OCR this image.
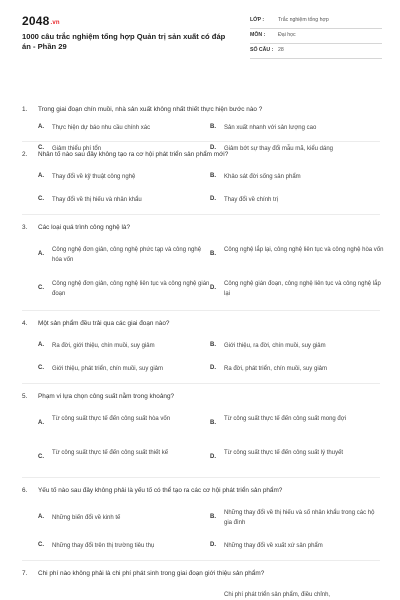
2048.vn
1000 câu trắc nghiệm tổng hợp Quản trị sản xuất có đáp án - Phần 29
LỚP :	Trắc nghiệm tổng hợp
MÔN : Đại học
SỐ CÂU : 28
1. Trong giai đoạn chín muồi, nhà sản xuất không nhất thiết thực hiện bước nào ?
A. Thực hiện dự báo nhu cầu chính xác	B. Sản xuất nhanh với sản lượng cao
C. Giảm thiểu phí tổn	D. Giảm bớt sự thay đổi mẫu mã, kiểu dáng
2. Nhân tố nào sau đây không tạo ra cơ hội phát triển sản phẩm mới?
A. Thay đổi về kỹ thuật công nghệ	B. Khảo sát đời sống sản phẩm
C. Thay đổi về thị hiếu và nhân khẩu	D. Thay đổi về chính trị
3. Các loại quá trình công nghệ là?
A.
Công nghệ đơn giản, công nghệ phức tạp và công nghệ hóa vốn
B.
Công nghệ lắp lại, công nghệ liên tục và công nghệ hòa vốn
C.
Công nghệ đơn giản, công nghệ liên tục và công nghệ gián đoạn
D.
Công nghệ gián đoạn, công nghệ liên tục và công nghệ lắp lại
4. Một sản phẩm đều trải qua các giai đoạn nào?
A. Ra đời, giới thiệu, chín muồi, suy giảm	B. Giới thiệu, ra đời, chín muồi, suy giảm
C. Giới thiệu, phát triển, chín muồi, suy giảm	D. Ra đời, phát triển, chín muồi, suy giảm
5. Phạm vi lựa chọn công suất nằm trong khoảng?
A.
Từ công suất thực tế đến công suất hòa vốn
B.
Từ công suất thực tế đến công suất mong đợi
C.
Từ công suất thực tế đến công suất thiết kế
D.
Từ công suất thực tế đến công suất lý thuyết
6. Yếu tố nào sau đây không phải là yếu tố có thể tạo ra các cơ hội phát triển sản phẩm?
A. Những biến đổi về kinh tế	B.
Những thay đổi về thị hiếu và số nhân khẩu trong các hộ gia đình
C. Những thay đổi trên thị trường tiêu thụ	D. Những thay đổi về xuất xứ sản phẩm
7. Chi phí nào không phải là chi phí phát sinh trong giai đoạn giới thiệu sản phẩm?
Chi phí phát triển sản phẩm, điều chỉnh,
